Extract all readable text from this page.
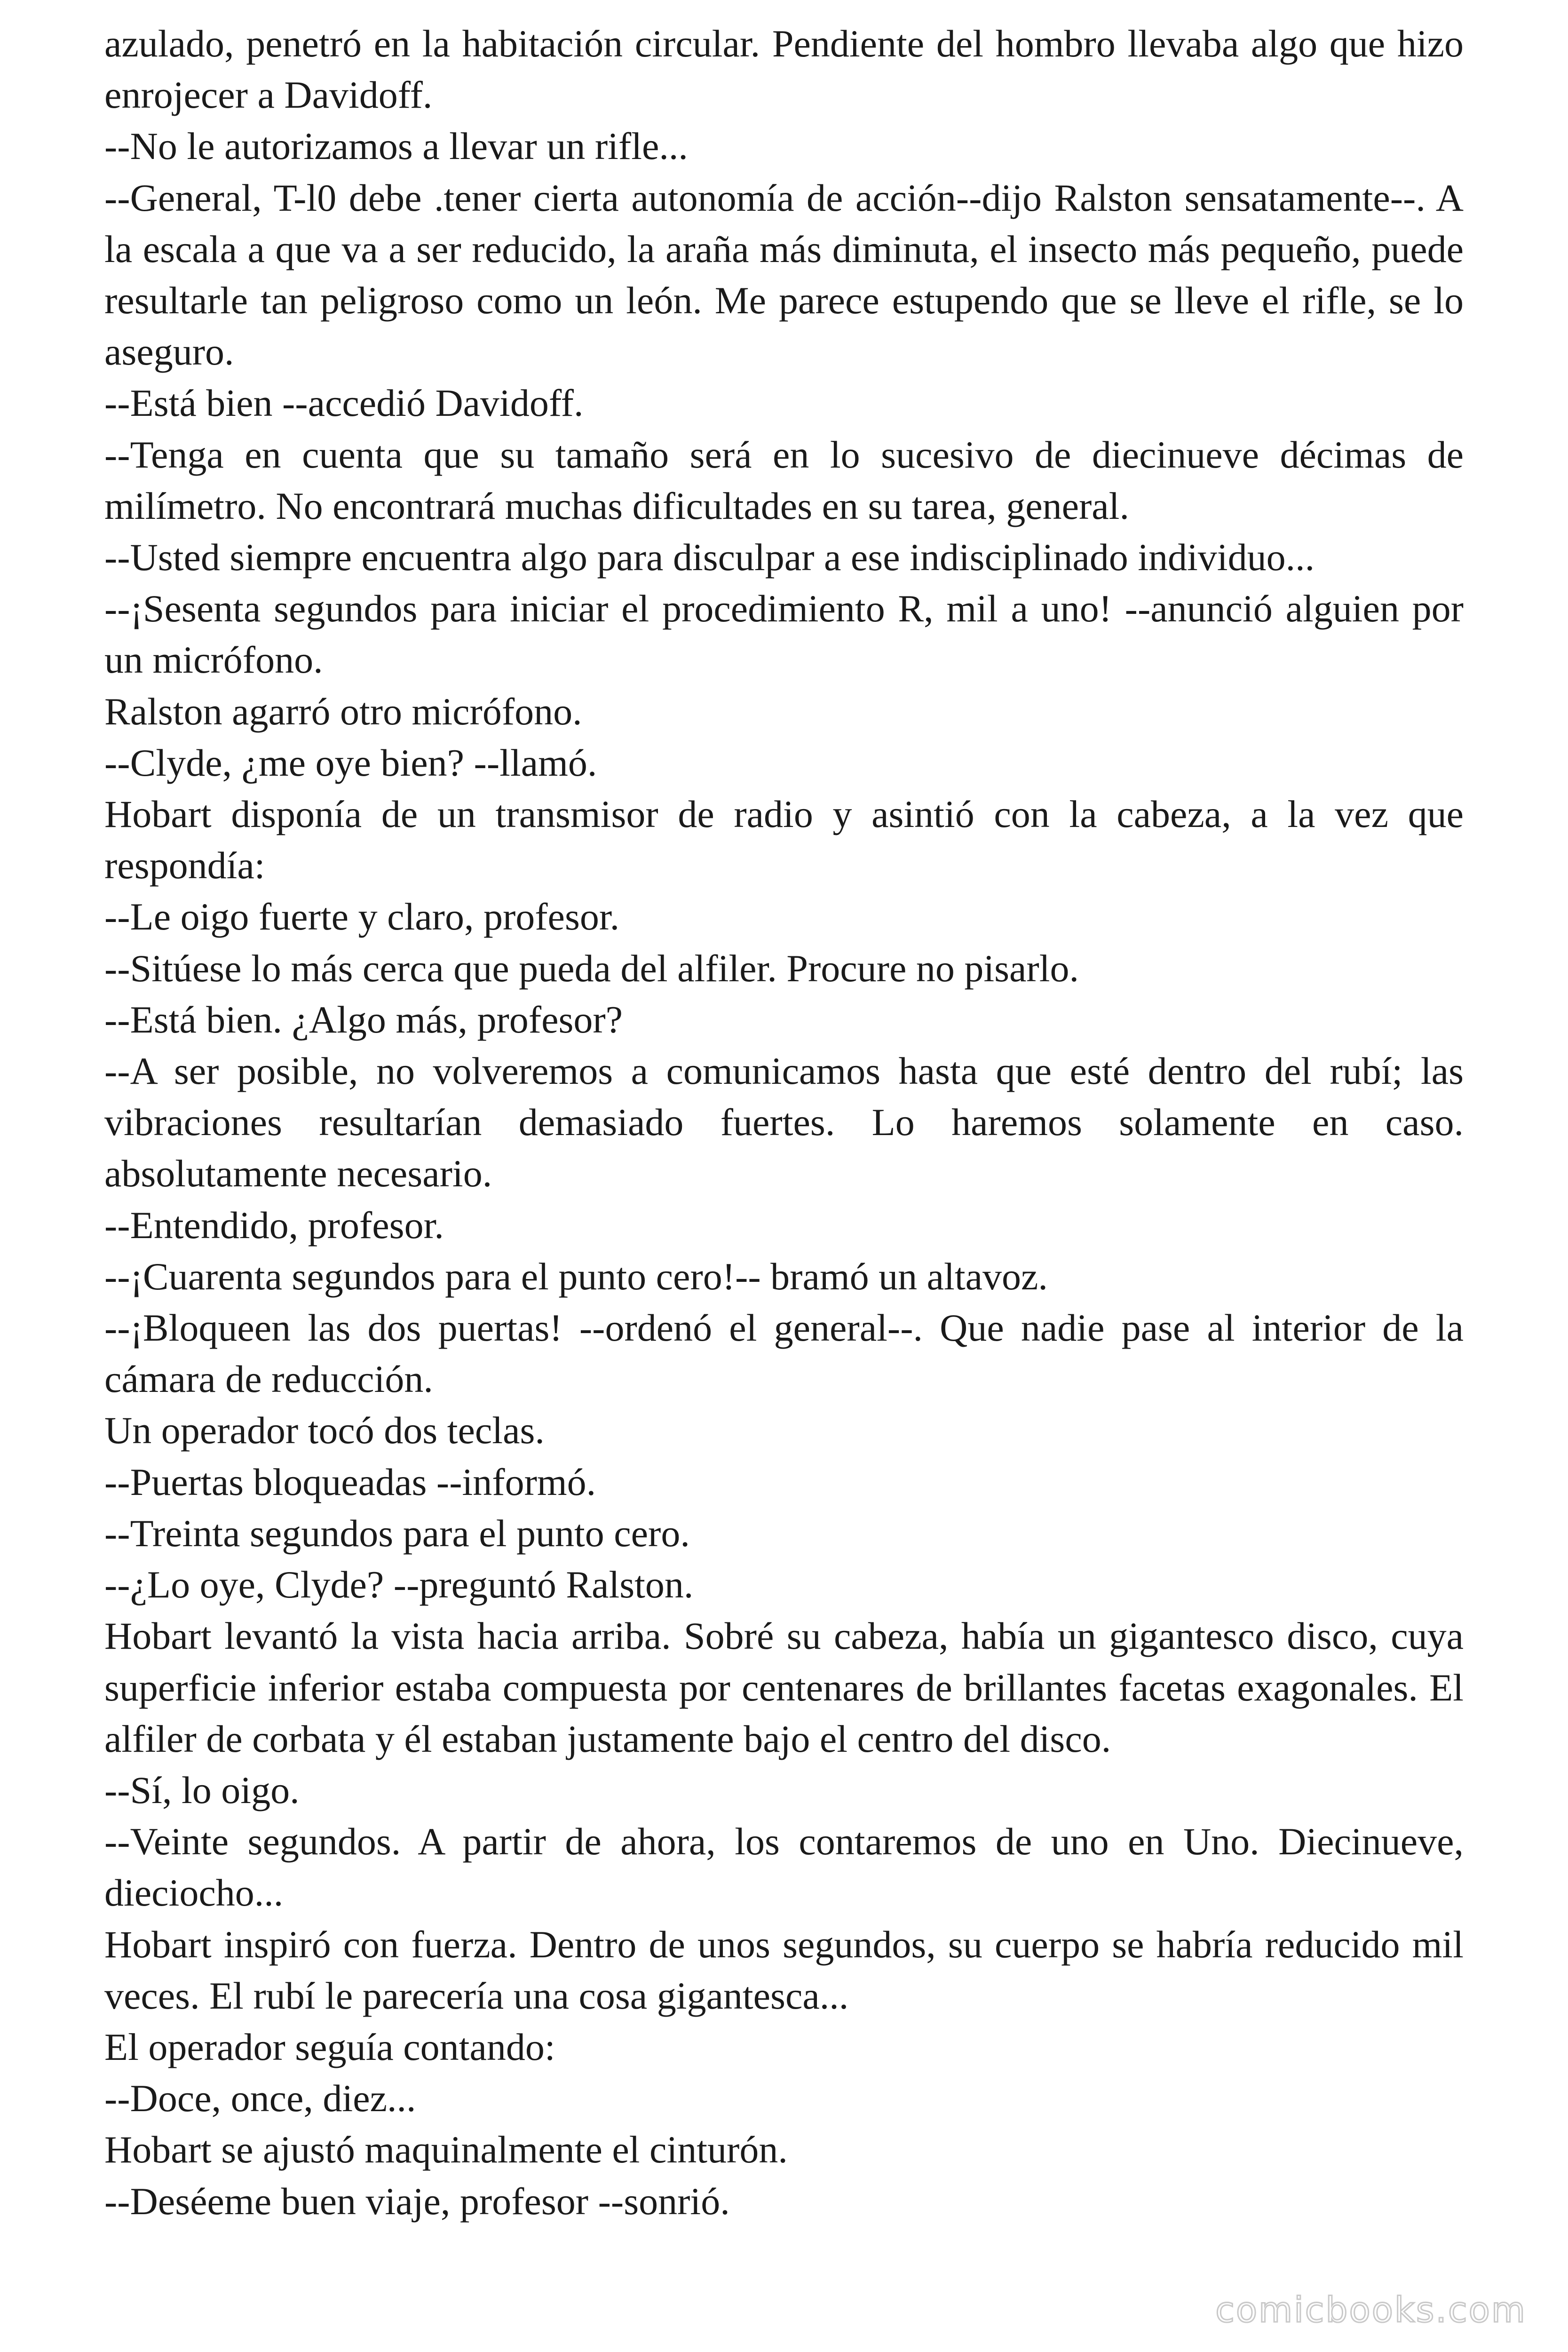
azulado, penetró en la habitación circular. Pendiente del hombro llevaba algo que hizo enrojecer a Davidoff.

--No le autorizamos a llevar un rifle...

--General, T-l0 debe .tener cierta autonomía de acción--dijo Ralston sensatamente--. A la escala a que va a ser reducido, la araña más diminuta, el insecto más pequeño, puede resultarle tan peligroso como un león. Me parece estupendo que se lleve el rifle, se lo aseguro.

--Está bien --accedió Davidoff.

--Tenga en cuenta que su tamaño será en lo sucesivo de diecinueve décimas de milímetro. No encontrará muchas dificultades en su tarea, general.

--Usted siempre encuentra algo para disculpar a ese indisciplinado individuo...

--¡Sesenta segundos para iniciar el procedimiento R, mil a uno! --anunció alguien por un micrófono.

Ralston agarró otro micrófono.

--Clyde, ¿me oye bien? --llamó.

Hobart disponía de un transmisor de radio y asintió con la cabeza, a la vez que respondía:

--Le oigo fuerte y claro, profesor.

--Sitúese lo más cerca que pueda del alfiler. Procure no pisarlo.

--Está bien. ¿Algo más, profesor?

--A ser posible, no volveremos a comunicamos hasta que esté dentro del rubí; las vibraciones resultarían demasiado fuertes. Lo haremos solamente en caso. absolutamente necesario.

--Entendido, profesor.

--¡Cuarenta segundos para el punto cero!-- bramó un altavoz.

--¡Bloqueen las dos puertas! --ordenó el general--. Que nadie pase al interior de la cámara de reducción.

Un operador tocó dos teclas.

--Puertas bloqueadas --informó.

--Treinta segundos para el punto cero.

--¿Lo oye, Clyde? --preguntó Ralston.

Hobart levantó la vista hacia arriba. Sobré su cabeza, había un gigantesco disco, cuya superficie inferior estaba compuesta por centenares de brillantes facetas exagonales. El alfiler de corbata y él estaban justamente bajo el centro del disco.

--Sí, lo oigo.

--Veinte segundos. A partir de ahora, los contaremos de uno en Uno. Diecinueve, dieciocho...

Hobart inspiró con fuerza. Dentro de unos segundos, su cuerpo se habría reducido mil veces. El rubí le parecería una cosa gigantesca...

El operador seguía contando:

--Doce, once, diez...

Hobart se ajustó maquinalmente el cinturón.

--Deséeme buen viaje, profesor --sonrió.

comicbooks.com
